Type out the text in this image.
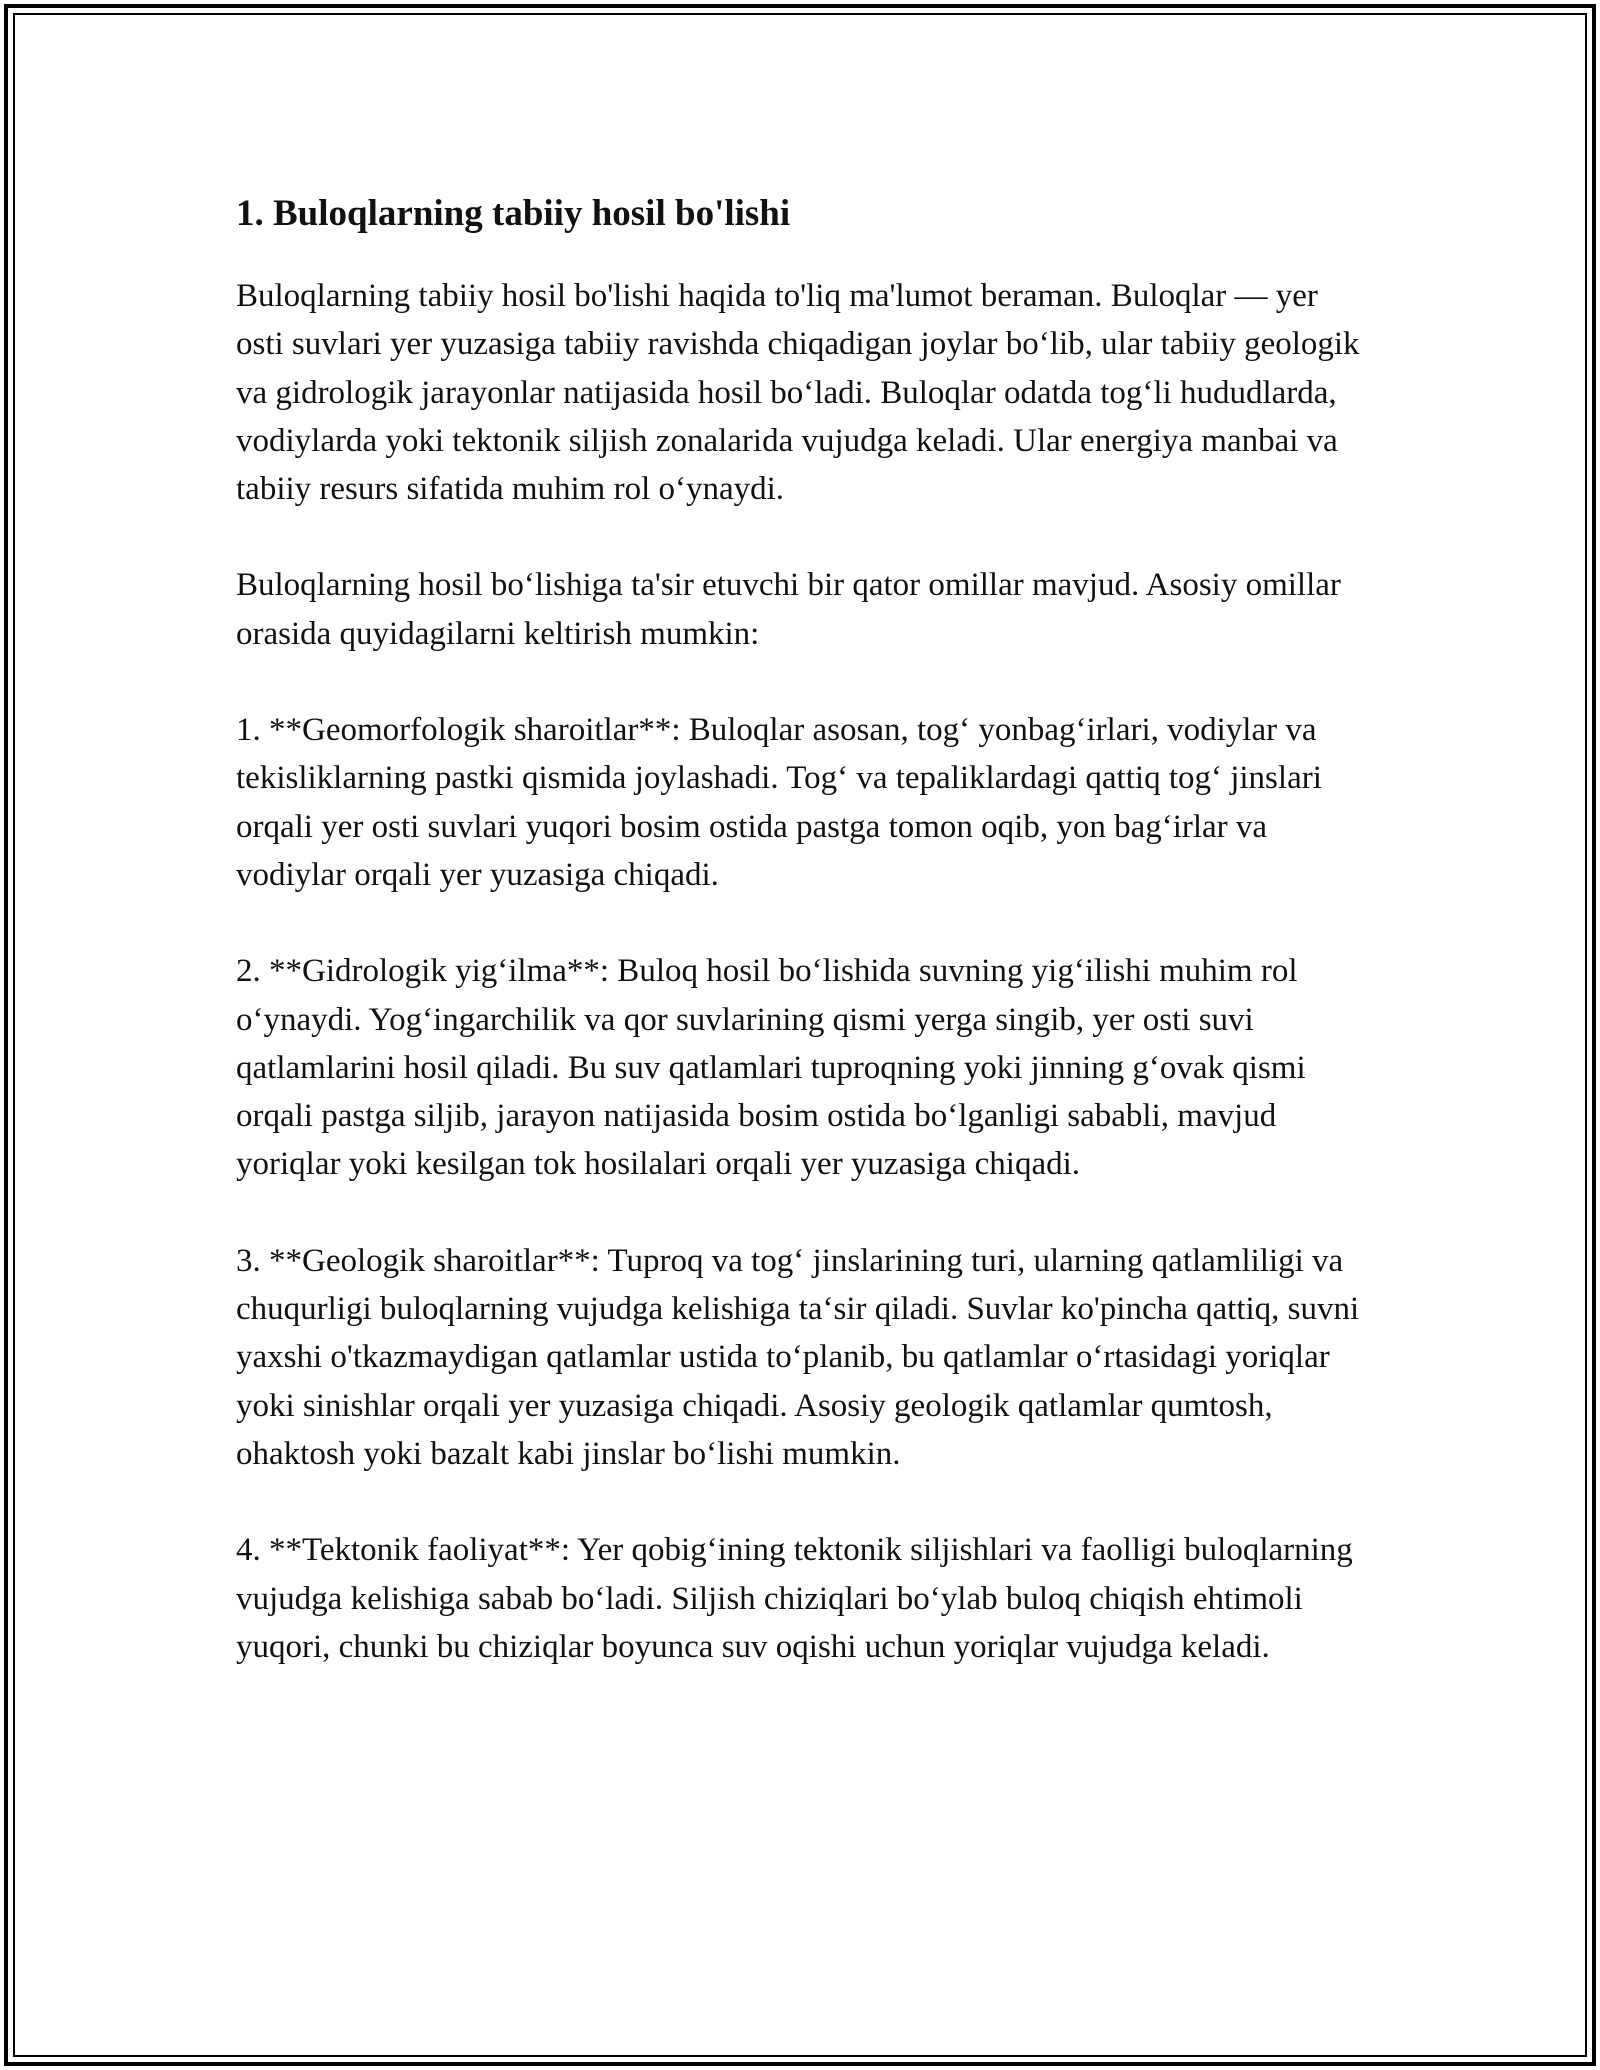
1. Buloqlarning tabiiy hosil bo'lishi

Buloqlarning tabiiy hosil bo'lishi haqida to'liq ma'lumot beraman. Buloqlar — yer osti suvlari yer yuzasiga tabiiy ravishda chiqadigan joylar bo‘lib, ular tabiiy geologik va gidrologik jarayonlar natijasida hosil bo‘ladi. Buloqlar odatda tog‘li hududlarda, vodiylarda yoki tektonik siljish zonalarida vujudga keladi. Ular energiya manbai va tabiiy resurs sifatida muhim rol o‘ynaydi.

Buloqlarning hosil bo‘lishiga ta'sir etuvchi bir qator omillar mavjud. Asosiy omillar orasida quyidagilarni keltirish mumkin:

1. **Geomorfologik sharoitlar**: Buloqlar asosan, tog‘ yonbag‘irlari, vodiylar va tekisliklarning pastki qismida joylashadi. Tog‘ va tepaliklardagi qattiq tog‘ jinslari orqali yer osti suvlari yuqori bosim ostida pastga tomon oqib, yon bag‘irlar va vodiylar orqali yer yuzasiga chiqadi.

2. **Gidrologik yig‘ilma**: Buloq hosil bo‘lishida suvning yig‘ilishi muhim rol o‘ynaydi. Yog‘ingarchilik va qor suvlarining qismi yerga singib, yer osti suvi qatlamlarini hosil qiladi. Bu suv qatlamlari tuproqning yoki jinning g‘ovak qismi orqali pastga siljib, jarayon natijasida bosim ostida bo‘lganligi sababli, mavjud yoriqlar yoki kesilgan tok hosilalari orqali yer yuzasiga chiqadi.

3. **Geologik sharoitlar**: Tuproq va tog‘ jinslarining turi, ularning qatlamliligi va chuqurligi buloqlarning vujudga kelishiga ta‘sir qiladi. Suvlar ko'pincha qattiq, suvni yaxshi o'tkazmaydigan qatlamlar ustida to‘planib, bu qatlamlar o‘rtasidagi yoriqlar yoki sinishlar orqali yer yuzasiga chiqadi. Asosiy geologik qatlamlar qumtosh, ohaktosh yoki bazalt kabi jinslar bo‘lishi mumkin.

4. **Tektonik faoliyat**: Yer qobig‘ining tektonik siljishlari va faolligi buloqlarning vujudga kelishiga sabab bo‘ladi. Siljish chiziqlari bo‘ylab buloq chiqish ehtimoli yuqori, chunki bu chiziqlar boyunca suv oqishi uchun yoriqlar vujudga keladi.
